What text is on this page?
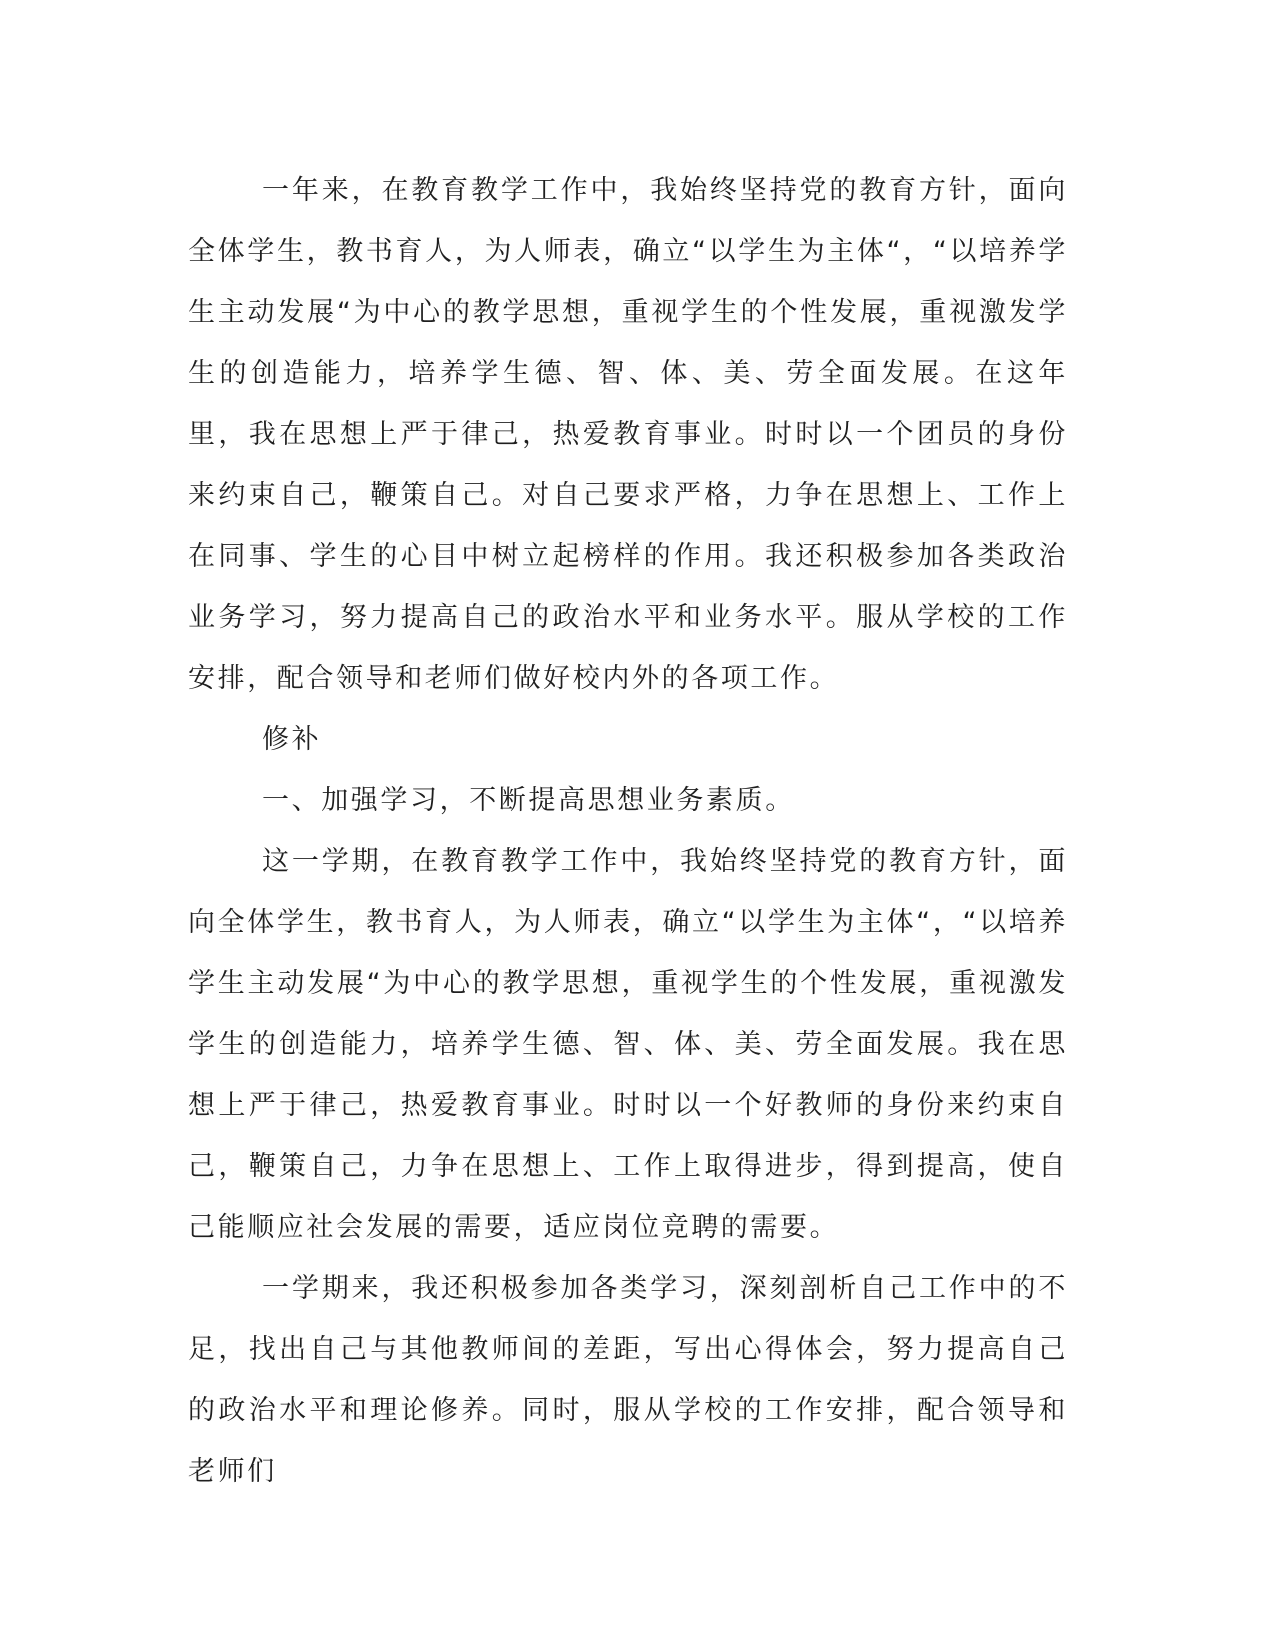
一年来，在教育教学工作中，我始终坚持党的教育方针，面向全体学生，教书育人，为人师表，确立“以学生为主体“，“以培养学生主动发展“为中心的教学思想，重视学生的个性发展，重视激发学生的创造能力，培养学生德、智、体、美、劳全面发展。在这年里，我在思想上严于律己，热爱教育事业。时时以一个团员的身份来约束自己，鞭策自己。对自己要求严格，力争在思想上、工作上在同事、学生的心目中树立起榜样的作用。我还积极参加各类政治业务学习，努力提高自己的政治水平和业务水平。服从学校的工作安排，配合领导和老师们做好校内外的各项工作。

修补

一、加强学习，不断提高思想业务素质。

这一学期，在教育教学工作中，我始终坚持党的教育方针，面向全体学生，教书育人，为人师表，确立“以学生为主体“，“以培养学生主动发展“为中心的教学思想，重视学生的个性发展，重视激发学生的创造能力，培养学生德、智、体、美、劳全面发展。我在思想上严于律己，热爱教育事业。时时以一个好教师的身份来约束自己，鞭策自己，力争在思想上、工作上取得进步，得到提高，使自己能顺应社会发展的需要，适应岗位竞聘的需要。

一学期来，我还积极参加各类学习，深刻剖析自己工作中的不足，找出自己与其他教师间的差距，写出心得体会，努力提高自己的政治水平和理论修养。同时，服从学校的工作安排，配合领导和老师们
